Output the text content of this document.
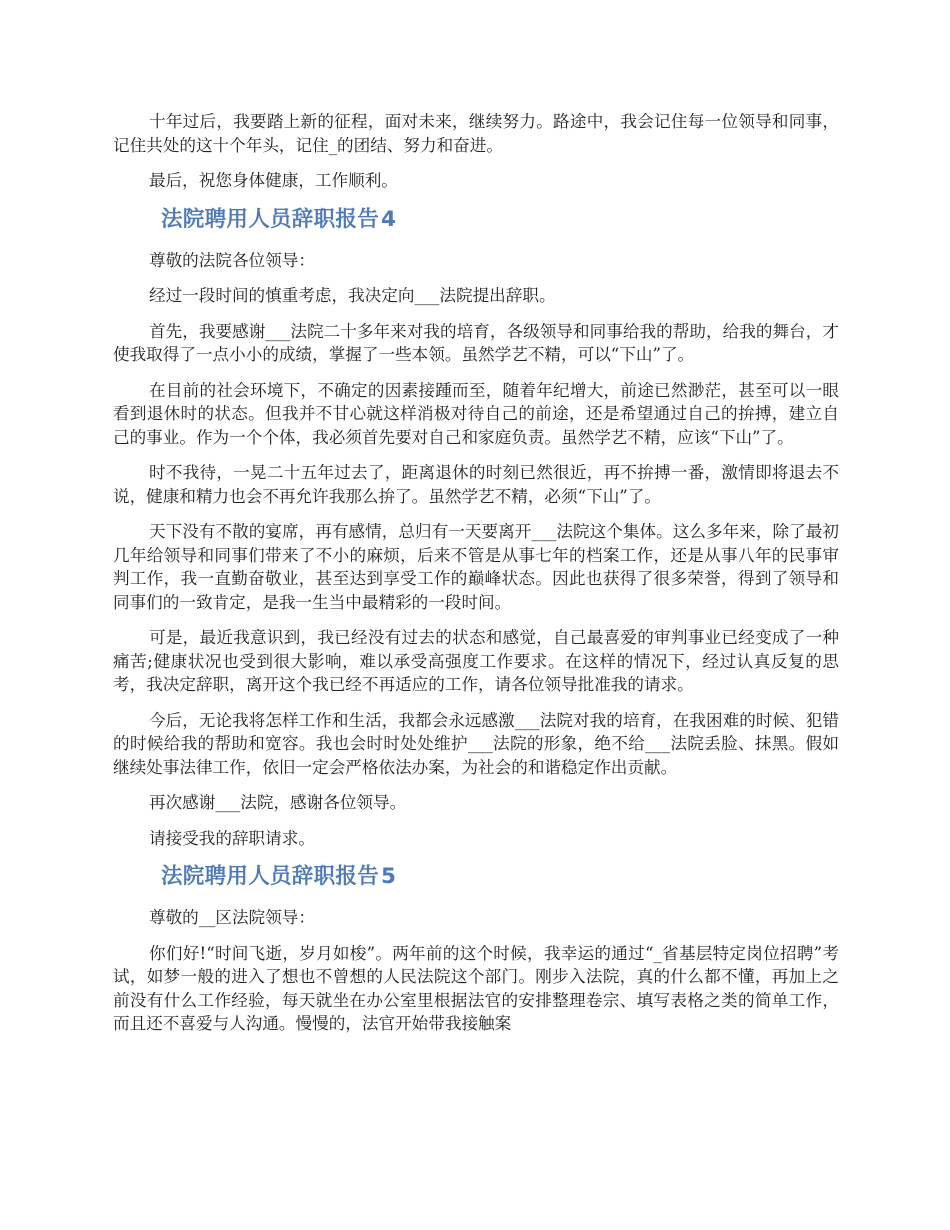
十年过后，我要踏上新的征程，面对未来，继续努力。路途中，我会记住每一位领导和同事，记住共处的这十个年头，记住_的团结、努力和奋进。

最后，祝您身体健康，工作顺利。

法院聘用人员辞职报告4

尊敬的法院各位领导：

经过一段时间的慎重考虑，我决定向___法院提出辞职。

首先，我要感谢___法院二十多年来对我的培育，各级领导和同事给我的帮助，给我的舞台，才使我取得了一点小小的成绩，掌握了一些本领。虽然学艺不精，可以“下山”了。

在目前的社会环境下，不确定的因素接踵而至，随着年纪增大，前途已然渺茫，甚至可以一眼看到退休时的状态。但我并不甘心就这样消极对待自己的前途，还是希望通过自己的拚搏，建立自己的事业。作为一个个体，我必须首先要对自己和家庭负责。虽然学艺不精，应该“下山”了。

时不我待，一晃二十五年过去了，距离退休的时刻已然很近，再不拚搏一番，激情即将退去不说，健康和精力也会不再允许我那么拚了。虽然学艺不精，必须“下山”了。

天下没有不散的宴席，再有感情，总归有一天要离开___法院这个集体。这么多年来，除了最初几年给领导和同事们带来了不小的麻烦，后来不管是从事七年的档案工作，还是从事八年的民事审判工作，我一直勤奋敬业，甚至达到享受工作的巅峰状态。因此也获得了很多荣誉，得到了领导和同事们的一致肯定，是我一生当中最精彩的一段时间。

可是，最近我意识到，我已经没有过去的状态和感觉，自己最喜爱的审判事业已经变成了一种痛苦;健康状况也受到很大影响，难以承受高强度工作要求。在这样的情况下，经过认真反复的思考，我决定辞职，离开这个我已经不再适应的工作，请各位领导批准我的请求。

今后，无论我将怎样工作和生活，我都会永远感激___法院对我的培育，在我困难的时候、犯错的时候给我的帮助和宽容。我也会时时处处维护___法院的形象，绝不给___法院丢脸、抹黑。假如继续处事法律工作，依旧一定会严格依法办案，为社会的和谐稳定作出贡献。

再次感谢___法院，感谢各位领导。

请接受我的辞职请求。

法院聘用人员辞职报告5

尊敬的__区法院领导：

你们好!“时间飞逝，岁月如梭”。两年前的这个时候，我幸运的通过“_省基层特定岗位招聘”考试，如梦一般的进入了想也不曾想的人民法院这个部门。刚步入法院，真的什么都不懂，再加上之前没有什么工作经验，每天就坐在办公室里根据法官的安排整理卷宗、填写表格之类的简单工作，而且还不喜爱与人沟通。慢慢的，法官开始带我接触案
